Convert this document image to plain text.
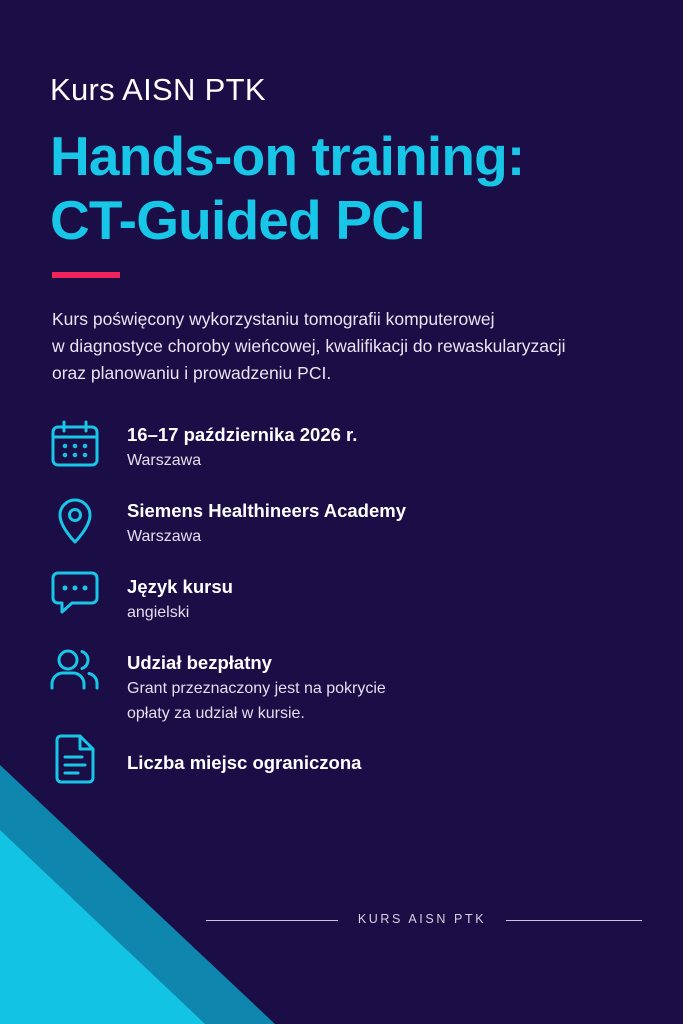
Kurs AISN PTK
Hands-on training:
CT-Guided PCI
Kurs poświęcony wykorzystaniu tomografii komputerowej
w diagnostyce choroby wieńcowej, kwalifikacji do rewaskularyzacji
oraz planowaniu i prowadzeniu PCI.
16–17 października 2026 r.
Warszawa
Siemens Healthineers Academy
Warszawa
Język kursu
angielski
Udział bezpłatny
Grant przeznaczony jest na pokrycie
opłaty za udział w kursie.
Liczba miejsc ograniczona
KURS AISN PTK
